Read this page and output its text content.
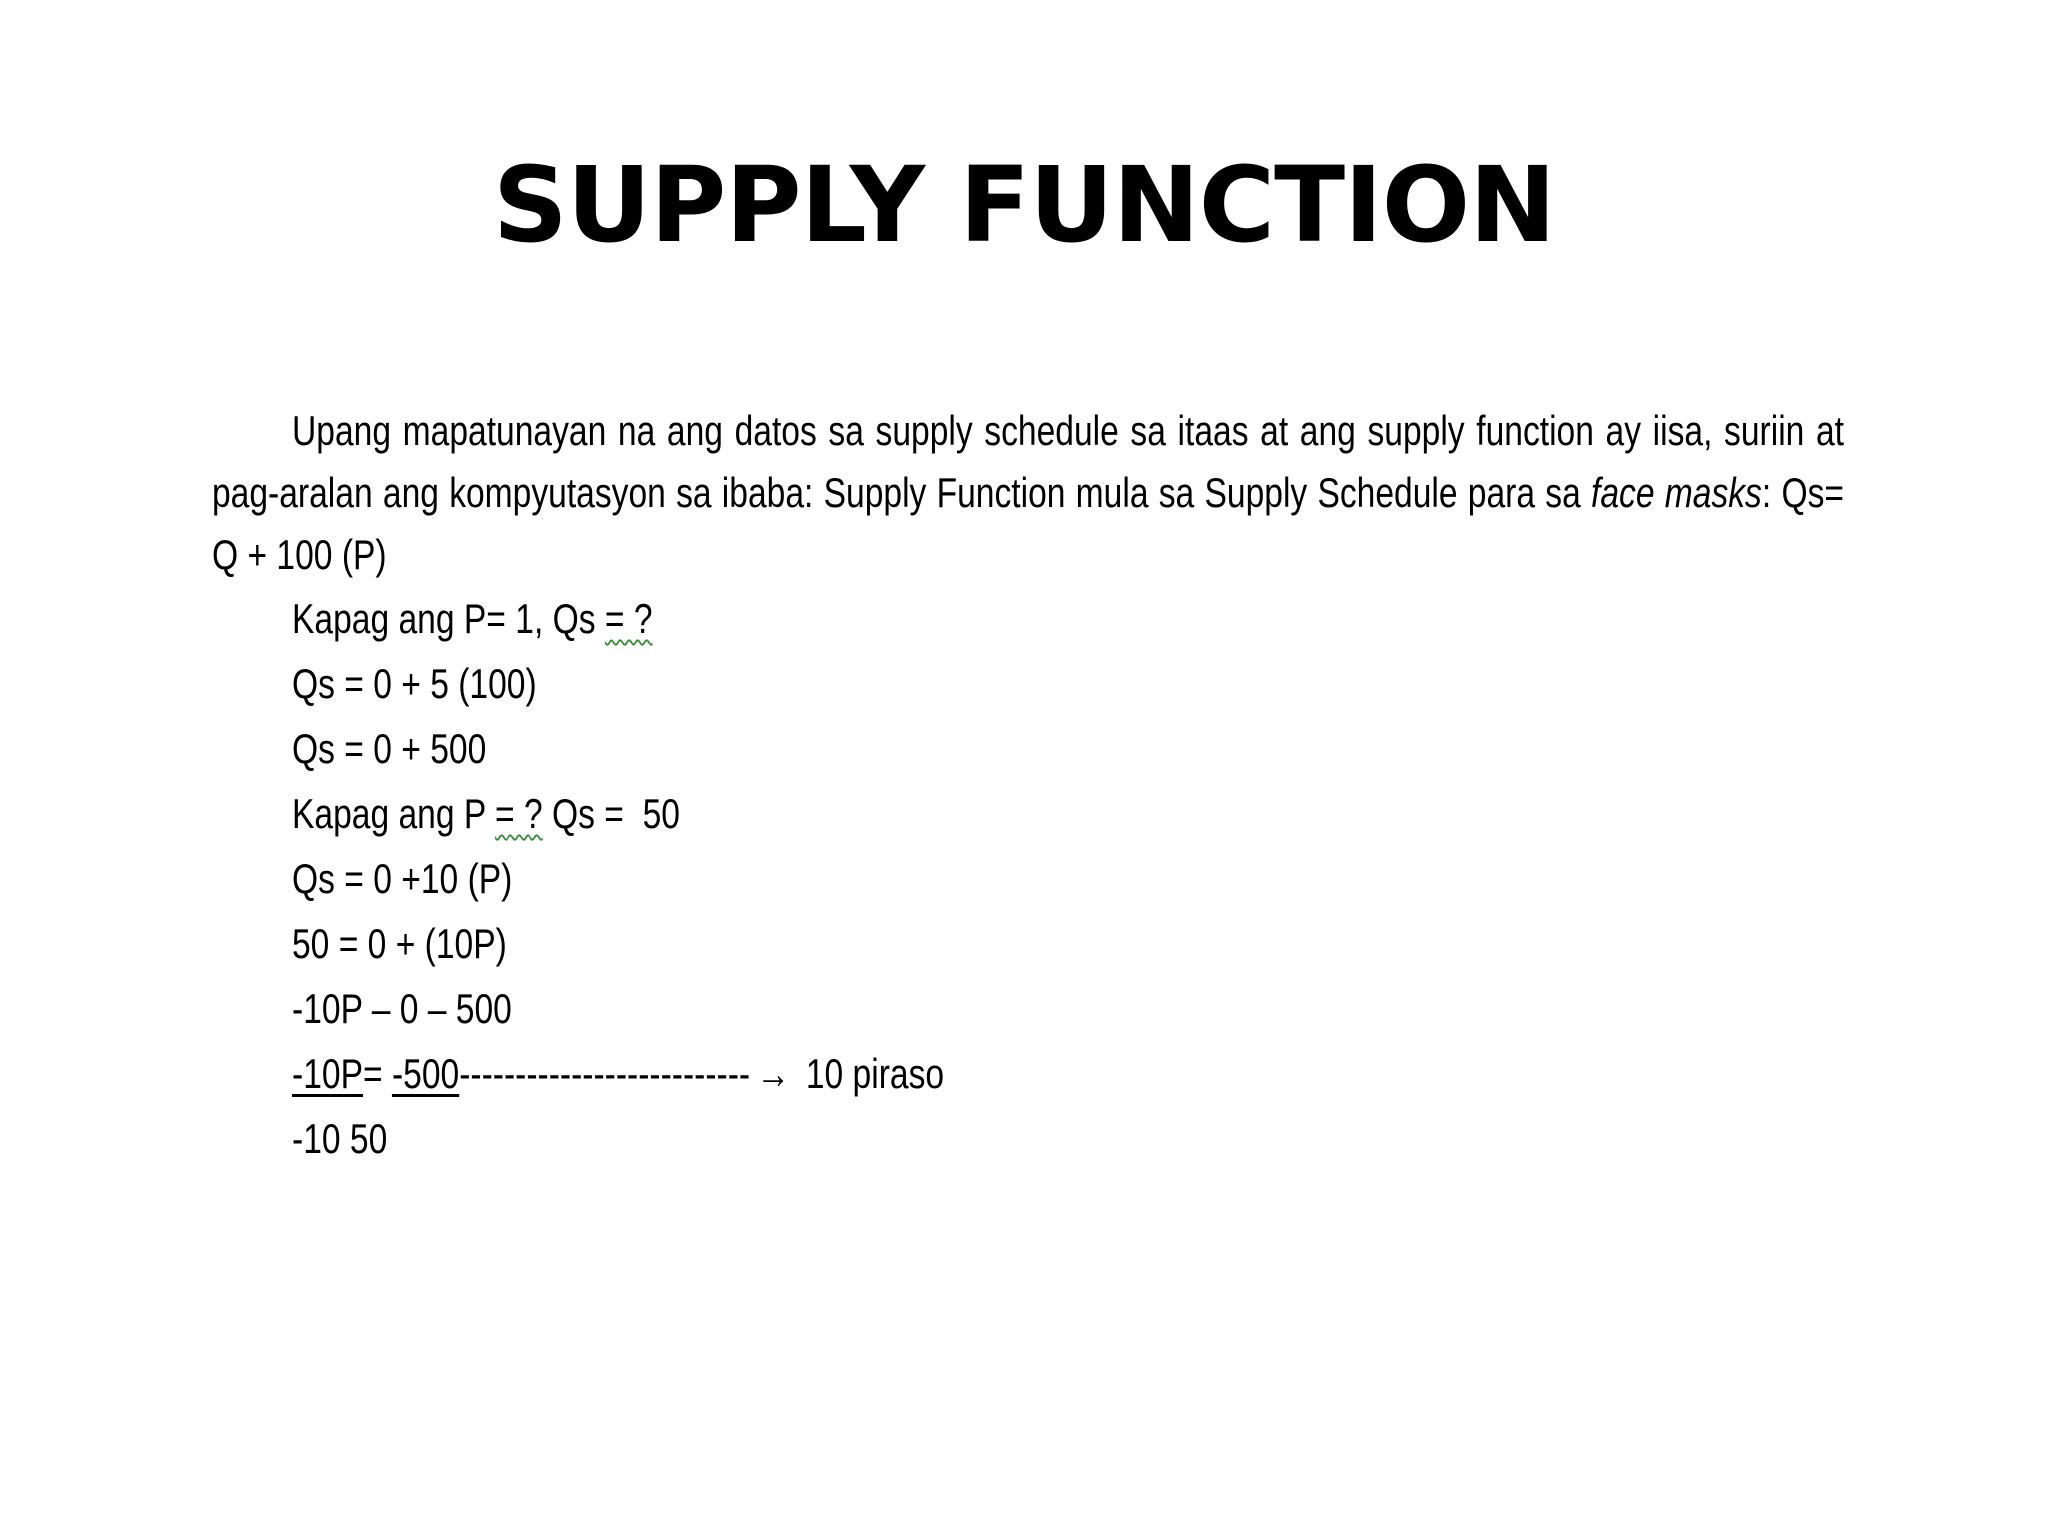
SUPPLY FUNCTION

Upang mapatunayan na ang datos sa supply schedule sa itaas at ang supply function ay iisa, suriin at pag-aralan ang kompyutasyon sa ibaba: Supply Function mula sa Supply Schedule para sa face masks: Qs= Q + 100 (P)

Kapag ang P= 1, Qs = ?
Qs = 0 + 5 (100)
Qs = 0 + 500
Kapag ang P = ? Qs =  50
Qs = 0 +10 (P)
50 = 0 + (10P)
-10P – 0 – 500
-10P= -500-------------------------- → 10 piraso
-10 50
